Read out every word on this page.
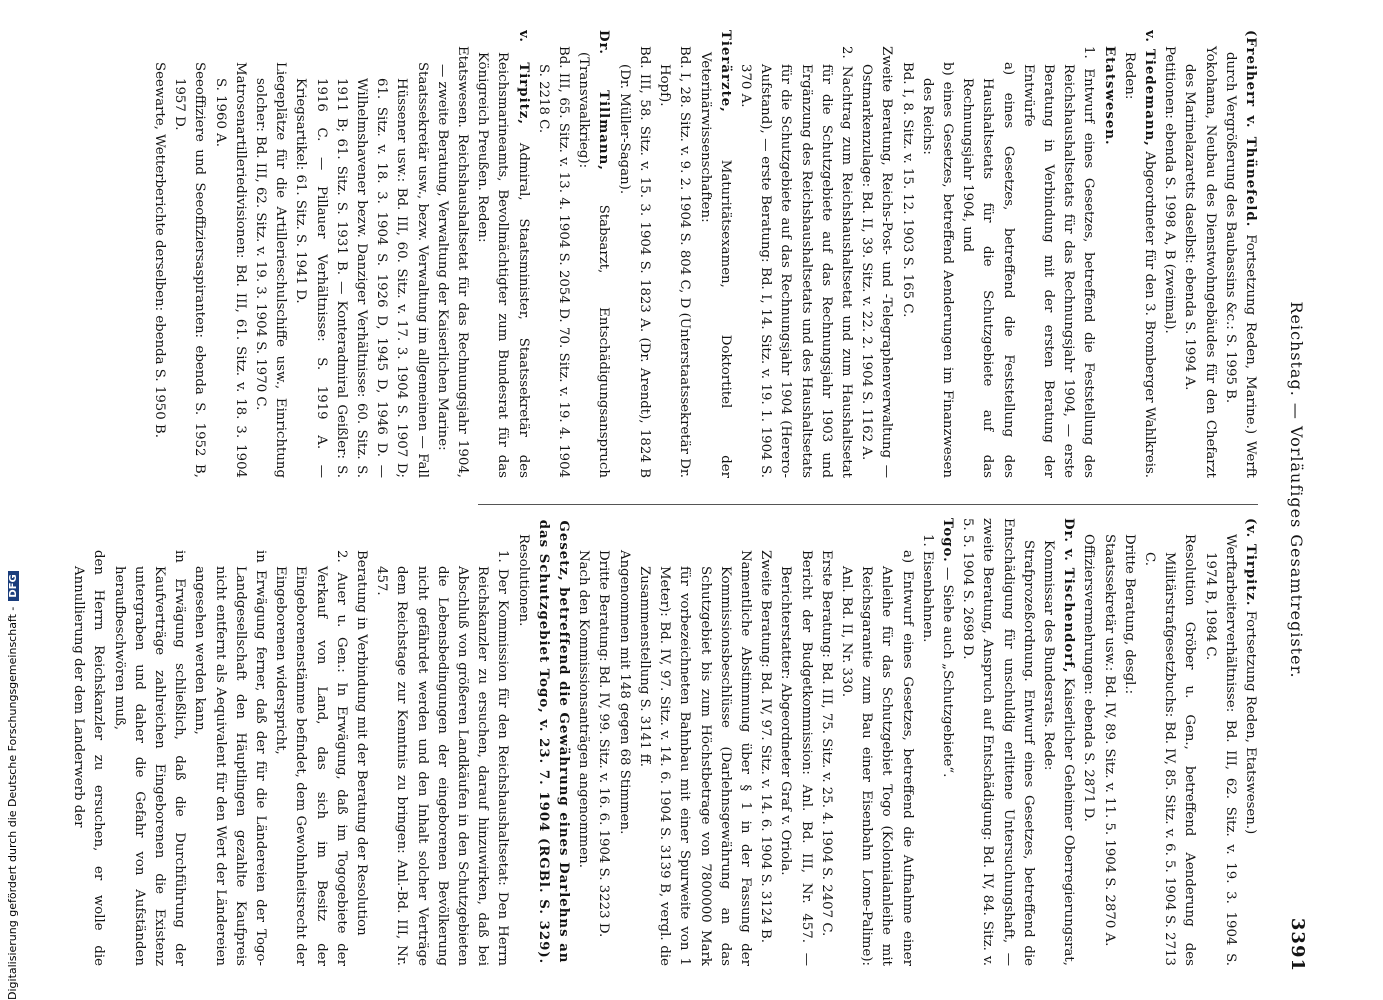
Reichstag. — Vorläufiges Gesamtregister.
3391

(Freiherr v. Thünefeld. Fortsetzung Reden, Marine.) Werft durch Vergrößerung des Baubassins &c.: S. 1995 B.

Yokohama, Neubau des Dienstwohngebäudes für den Chefarzt des Marinelazaretts daselbst: ebenda S. 1994 A.

Petitionen: ebenda S. 1998 A, B (zweimal).

v. Tiedemann, Abgeordneter für den 3. Bromberger Wahlkreis. Reden:

Etatswesen.

1. Entwurf eines Gesetzes, betreffend die Feststellung des Reichshaushaltsetats für das Rechnungsjahr 1904, — erste Beratung in Verbindung mit der ersten Beratung der Entwürfe

a) eines Gesetzes, betreffend die Feststellung des Haushaltsetats für die Schutzgebiete auf das Rechnungsjahr 1904, und

b) eines Gesetzes, betreffend Aenderungen im Finanzwesen des Reichs:

Bd. I, 8. Sitz. v. 15. 12. 1903 S. 165 C.

Zweite Beratung, Reichs-Post- und -Telegraphenverwaltung — Ostmarkenzulage: Bd. II, 39. Sitz. v. 22. 2. 1904 S. 1162 A.

2. Nachtrag zum Reichshaushaltsetat und zum Haushaltsetat für die Schutzgebiete auf das Rechnungsjahr 1903 und Ergänzung des Reichshaushaltsetats und des Haushaltsetats für die Schutzgebiete auf das Rechnungsjahr 1904 (Herero-Aufstand), — erste Beratung: Bd. I, 14. Sitz. v. 19. 1. 1904 S. 370 A.

Tierärzte, Maturitätsexamen, Doktortitel der Veterinärwissenschaften:

Bd. I, 28. Sitz. v. 9. 2. 1904 S. 804 C, D (Unterstaatssekretär Dr. Hopf).

Bd. III, 58. Sitz. v. 15. 3. 1904 S. 1823 A. (Dr. Arendt), 1824 B (Dr. Müller-Sagan).

Dr. Tillmann, Stabsarzt, Entschädigungsanspruch (Transvaalkrieg):

Bd. III, 65. Sitz. v. 13. 4. 1904 S. 2054 D. 70. Sitz. v. 19. 4. 1904 S. 2218 C.

v. Tirpitz, Admiral, Staatsminister, Staatssekretär des Reichsmarineamts, Bevollmächtigter zum Bundesrat für das Königreich Preußen. Reden:

Etatswesen. Reichshaushaltsetat für das Rechnungsjahr 1904, — zweite Beratung, Verwaltung der Kaiserlichen Marine:

Staatssekretär usw., bezw. Verwaltung im allgemeinen — Fall Hüssener usw.: Bd. III, 60. Sitz. v. 17. 3. 1904 S. 1907 D; 61. Sitz. v. 18. 3. 1904 S. 1926 D, 1945 D, 1946 D. — Wilhelmshavener bezw. Danziger Verhältnisse: 60. Sitz. S. 1911 B; 61. Sitz. S. 1931 B. — Konteradmiral Geißler: S. 1916 C. — Pillauer Verhältnisse: S. 1919 A. — Kriegsartikel: 61. Sitz. S. 1941 D.

Liegeplätze für die Artillerieschulschiffe usw., Einrichtung solcher: Bd. III, 62. Sitz. v. 19. 3. 1904 S. 1970 C.

Matrosenartilleriedivisionen: Bd. III, 61. Sitz. v. 18. 3. 1904 S. 1960 A.

Seeoffiziere und Seeoffiziersaspiranten: ebenda S. 1952 B, 1957 D.

Seewarte, Wetterberichte derselben: ebenda S. 1950 B.

(v. Tirpitz. Fortsetzung Reden, Etatswesen.)

Werftarbeiterverhältnisse: Bd. III, 62. Sitz. v. 19. 3. 1904 S. 1974 B, 1984 C.

Resolution Gröber u. Gen., betreffend Aenderung des Militärstrafgesetzbuchs: Bd. IV, 85. Sitz. v. 6. 5. 1904 S. 2713 C.

Dritte Beratung, desgl.:

Staatssekretär usw.: Bd. IV, 89. Sitz. v. 11. 5. 1904 S. 2870 A.

Offiziersvermehrungen: ebenda S. 2871 D.

Dr. v. Tischendorf, Kaiserlicher Geheimer Oberregierungsrat, Kommissar des Bundesrats. Rede:

Strafprozeßordnung. Entwurf eines Gesetzes, betreffend die Entschädigung für unschuldig erlittene Untersuchungshaft, — zweite Beratung, Anspruch auf Entschädigung: Bd. IV, 84. Sitz. v. 5. 5. 1904 S. 2698 D.

Togo. — Siehe auch „Schutzgebiete“.

1. Eisenbahnen.

a) Entwurf eines Gesetzes, betreffend die Aufnahme einer Anleihe für das Schutzgebiet Togo (Kolonialanleihe mit Reichsgarantie zum Bau einer Eisenbahn Lome-Palime): Anl. Bd. II, Nr. 330.

Erste Beratung: Bd. III, 75. Sitz. v. 25. 4. 1904 S. 2407 C.

Bericht der Budgetkommission: Anl. Bd. III, Nr. 457. — Berichterstatter: Abgeordneter Graf v. Oriola.

Zweite Beratung: Bd. IV, 97. Sitz. v. 14. 6. 1904 S. 3124 B.

Namentliche Abstimmung über § 1 in der Fassung der Kommissionsbeschlüsse (Darlehnsgewährung an das Schutzgebiet bis zum Höchstbetrage von 7800000 Mark für vorbezeichneten Bahnbau mit einer Spurweite von 1 Meter): Bd. IV, 97. Sitz. v. 14. 6. 1904 S. 3139 B, vergl. die Zusammenstellung S. 3141 ff.

Angenommen mit 148 gegen 68 Stimmen.

Dritte Beratung: Bd. IV, 99. Sitz. v. 16. 6. 1904 S. 3223 D.

Nach den Kommissionsanträgen angenommen.

Gesetz, betreffend die Gewährung eines Darlehns an das Schutzgebiet Togo, v. 23. 7. 1904 (RGBl. S. 329).

Resolutionen.

1. Der Kommission für den Reichshaushaltsetat: Den Herrn Reichskanzler zu ersuchen, darauf hinzuwirken, daß bei Abschluß von größeren Landkäufen in den Schutzgebieten die Lebensbedingungen der eingeborenen Bevölkerung nicht gefährdet werden und den Inhalt solcher Verträge dem Reichstage zur Kenntnis zu bringen: Anl.-Bd. III, Nr. 457.

Beratung in Verbindung mit der Beratung der Resolution

2. Auer u. Gen.: In Erwägung, daß im Togogebiete der Verkauf von Land, das sich im Besitz der Eingeborenenstämme befindet, dem Gewohnheitsrecht der Eingeborenen widerspricht,

in Erwägung ferner, daß der für die Ländereien der Togo-Landgesellschaft den Häuptlingen gezahlte Kaufpreis nicht entfernt als Aequivalent für den Wert der Ländereien angesehen werden kann,

in Erwägung schließlich, daß die Durchführung der Kaufverträge zahlreichen Eingeborenen die Existenz untergraben und daher die Gefahr von Aufständen heraufbeschwören muß,

den Herrn Reichskanzler zu ersuchen, er wolle die Annullierung der dem Landerwerb der

Digitalisierung gefördert durch die Deutsche Forschungsgemeinschaft -DFG
